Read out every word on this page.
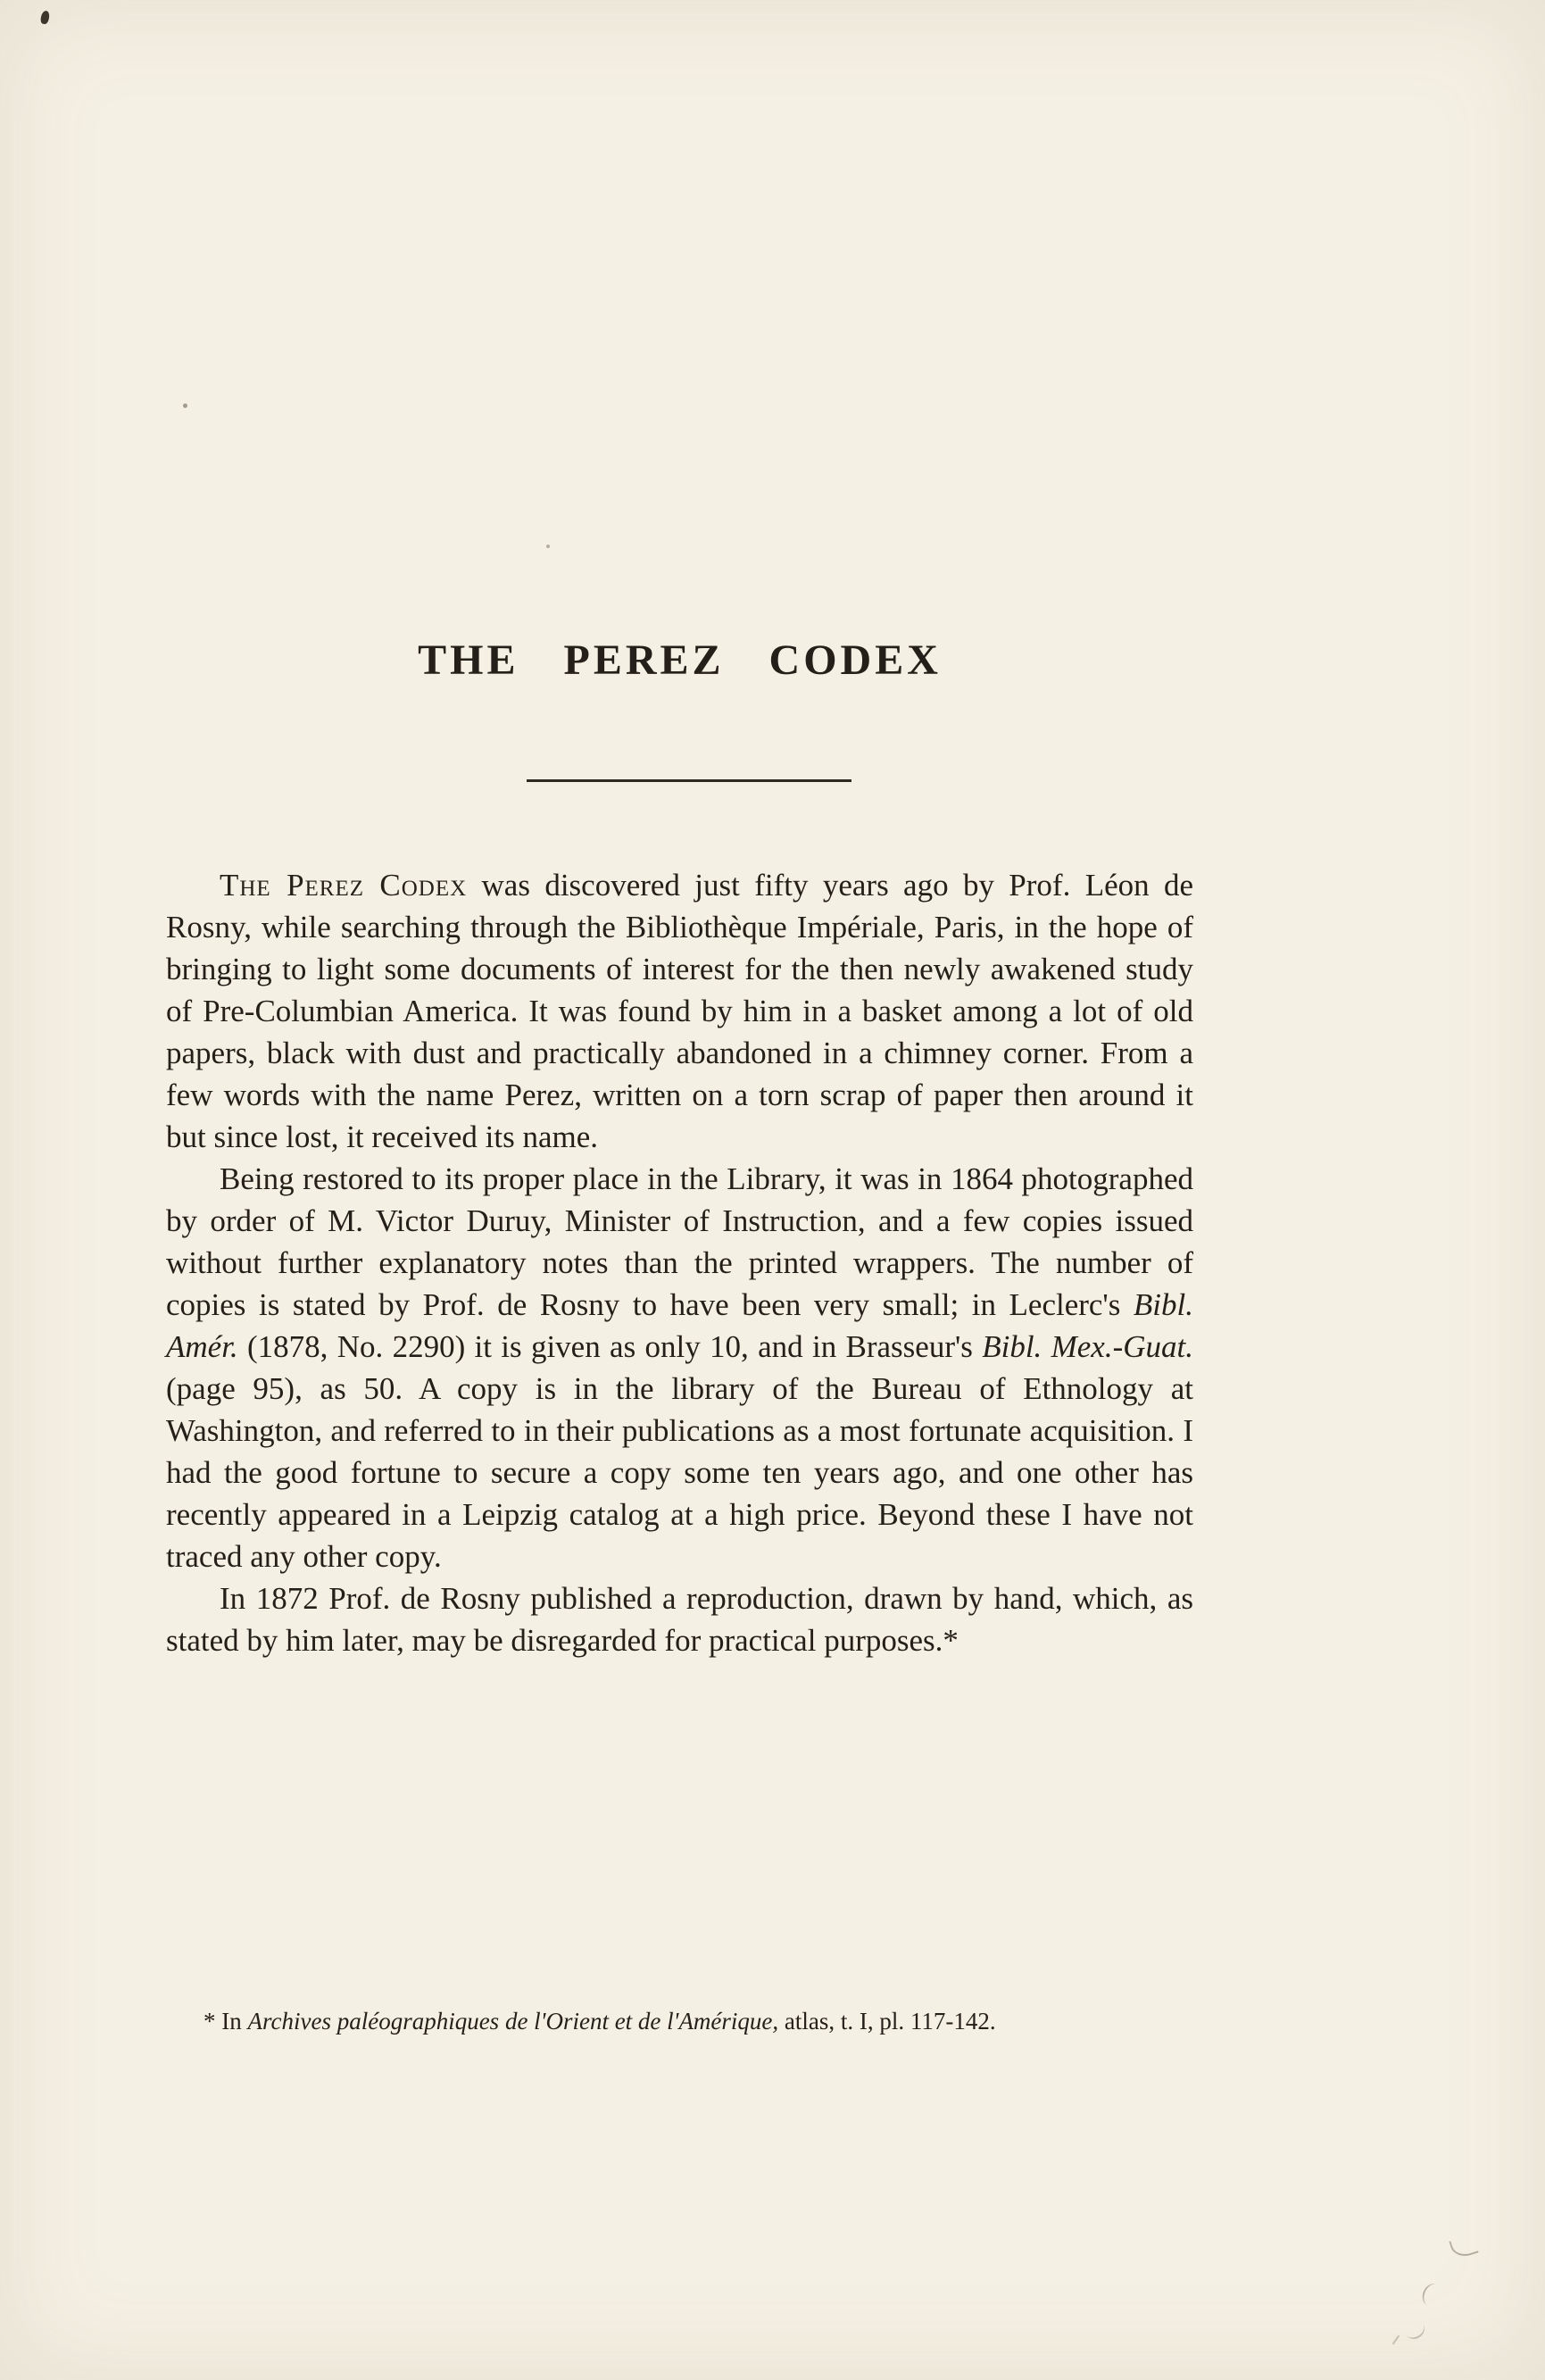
THE PEREZ CODEX

The Perez Codex was discovered just fifty years ago by Prof. Léon de Rosny, while searching through the Bibliothèque Impériale, Paris, in the hope of bringing to light some documents of interest for the then newly awakened study of Pre-Columbian America. It was found by him in a basket among a lot of old papers, black with dust and practically abandoned in a chimney corner. From a few words with the name Perez, written on a torn scrap of paper then around it but since lost, it received its name.

Being restored to its proper place in the Library, it was in 1864 photographed by order of M. Victor Duruy, Minister of Instruction, and a few copies issued without further explanatory notes than the printed wrappers. The number of copies is stated by Prof. de Rosny to have been very small; in Leclerc's Bibl. Amér. (1878, No. 2290) it is given as only 10, and in Brasseur's Bibl. Mex.-Guat. (page 95), as 50. A copy is in the library of the Bureau of Ethnology at Washington, and referred to in their publications as a most fortunate acquisition. I had the good fortune to secure a copy some ten years ago, and one other has recently appeared in a Leipzig catalog at a high price. Beyond these I have not traced any other copy.

In 1872 Prof. de Rosny published a reproduction, drawn by hand, which, as stated by him later, may be disregarded for practical purposes.*

* In Archives paléographiques de l'Orient et de l'Amérique, atlas, t. I, pl. 117-142.
